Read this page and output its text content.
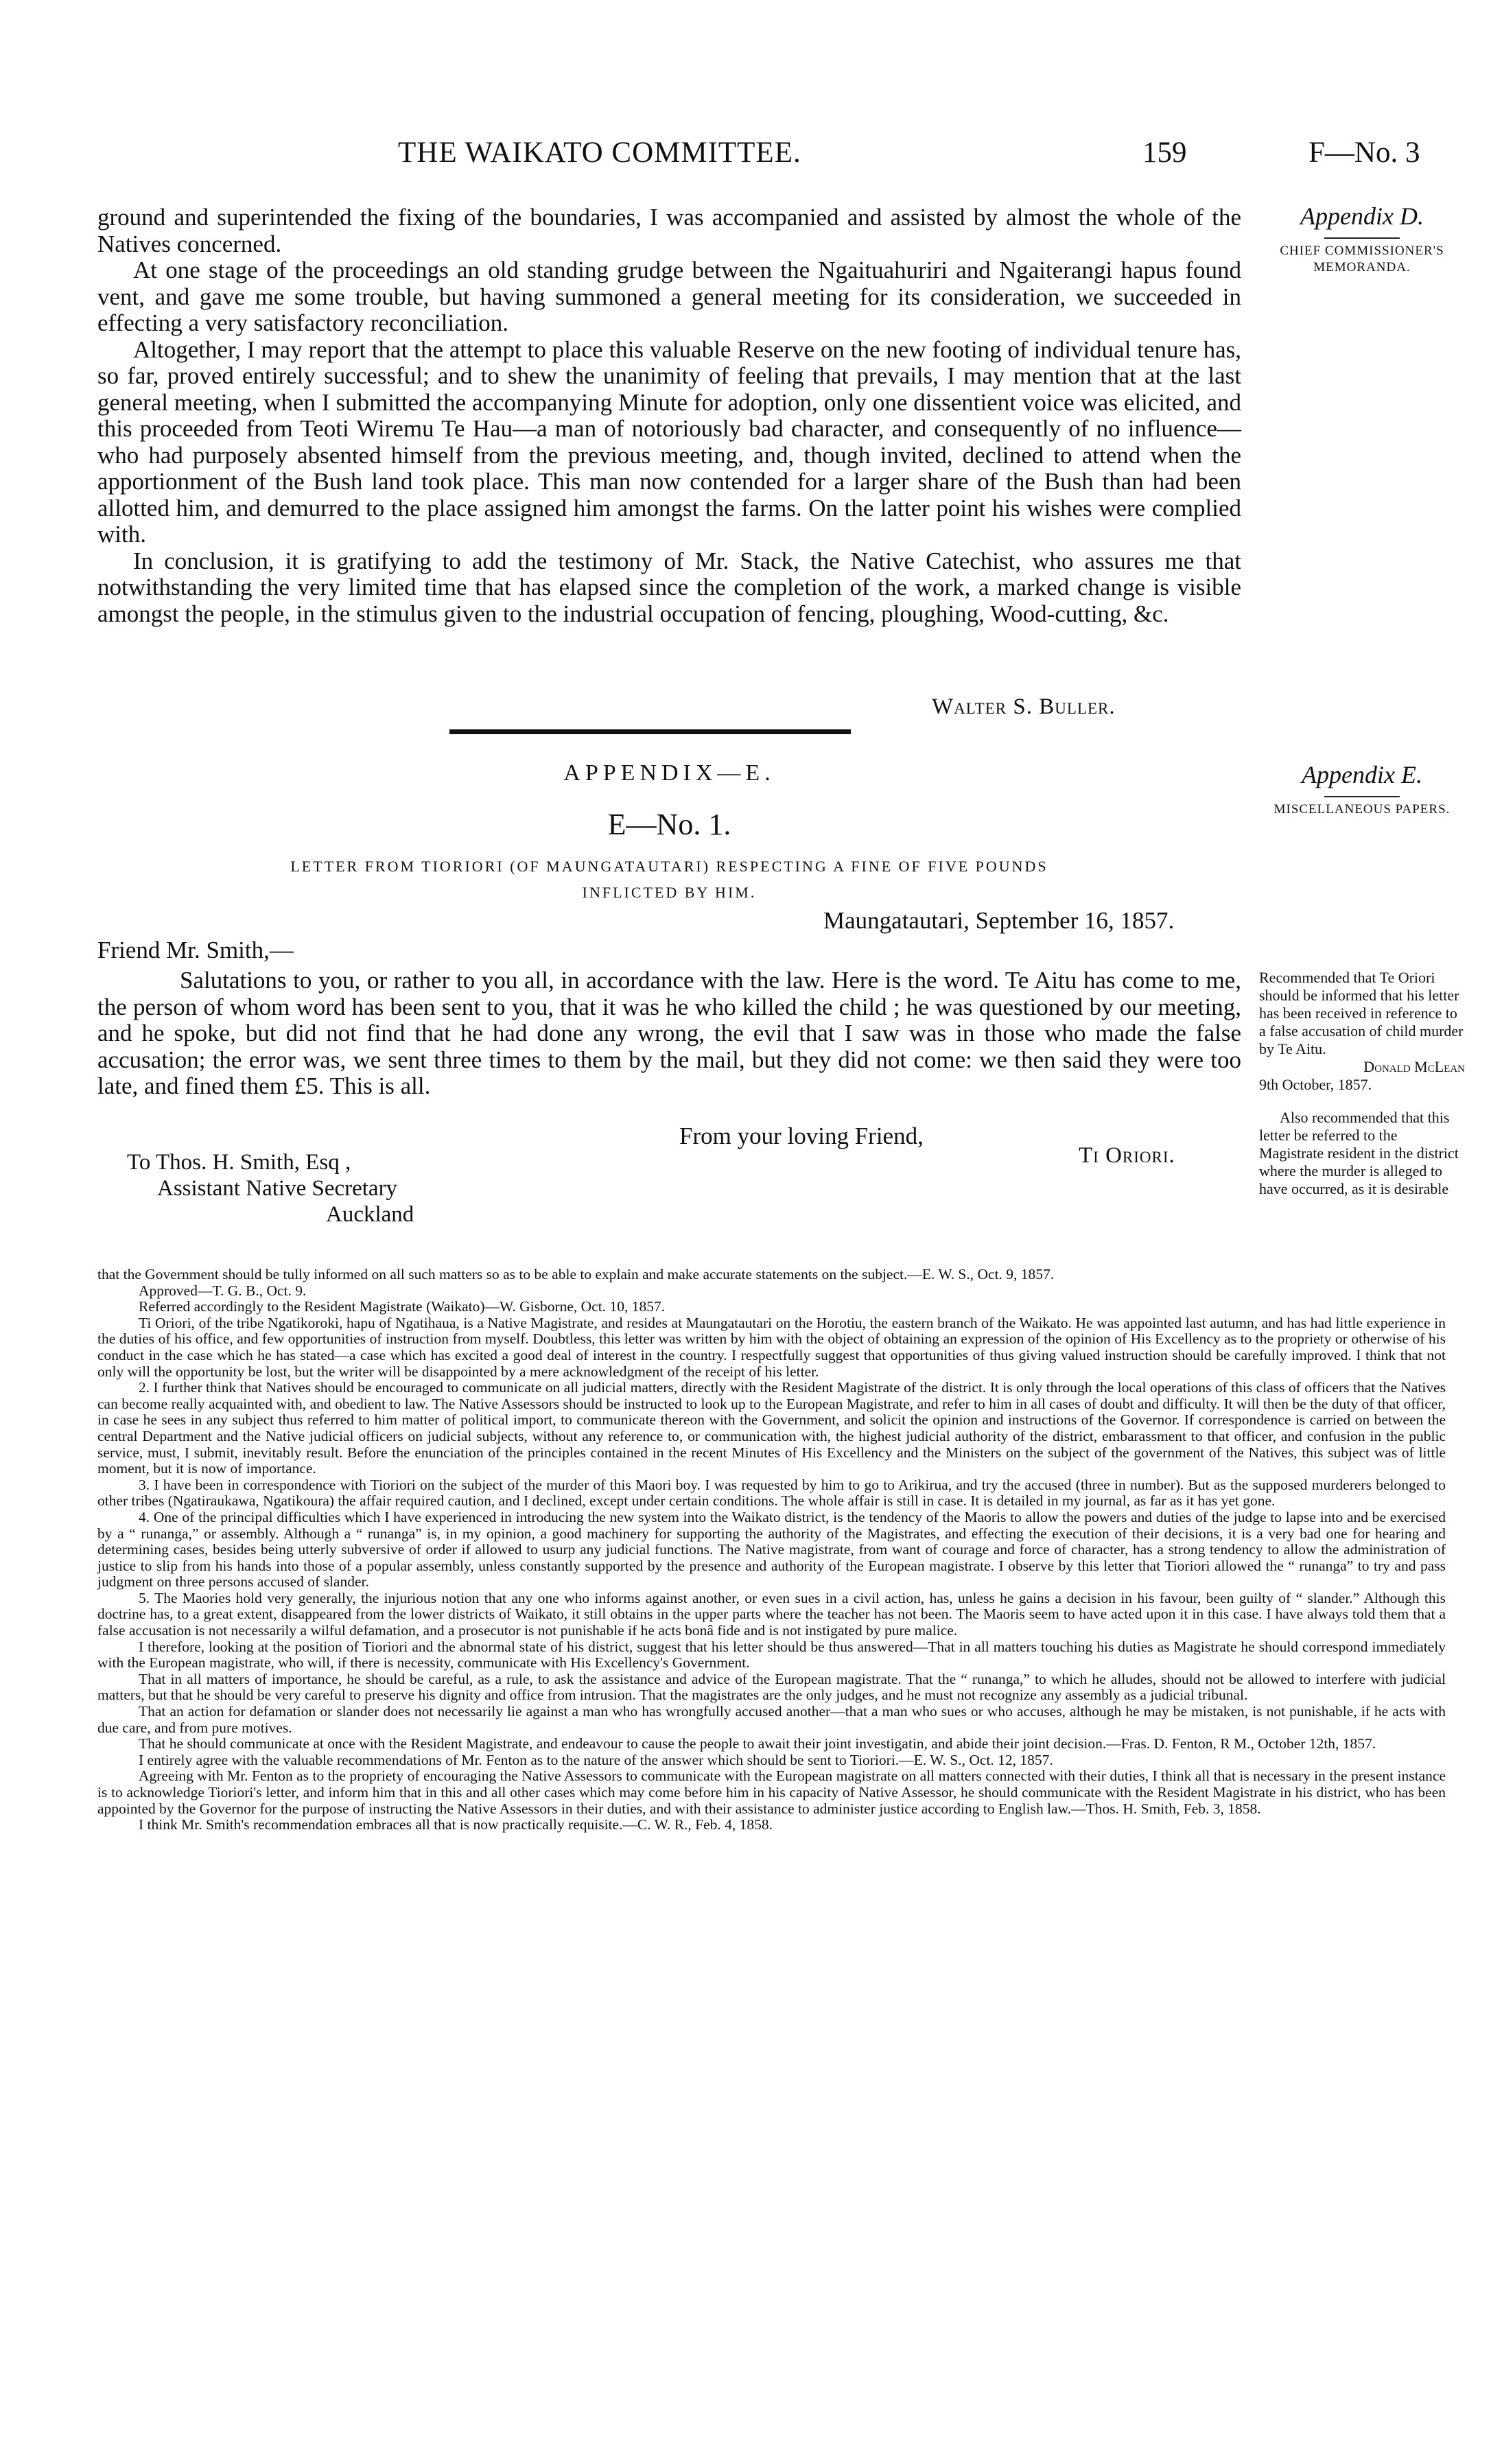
THE WAIKATO COMMITTEE.	159	F—No. 3

ground and superintended the fixing of the boundaries, I was accompanied and assisted by almost the whole of the Natives concerned.

At one stage of the proceedings an old standing grudge between the Ngaituahuriri and Ngaiterangi hapus found vent, and gave me some trouble, but having summoned a general meeting for its consideration, we succeeded in effecting a very satisfactory reconciliation.

Altogether, I may report that the attempt to place this valuable Reserve on the new footing of individual tenure has, so far, proved entirely successful; and to shew the unanimity of feeling that prevails, I may mention that at the last general meeting, when I submitted the accompanying Minute for adoption, only one dissentient voice was elicited, and this proceeded from Teoti Wiremu Te Hau—a man of notoriously bad character, and consequently of no influence—who had purposely absented himself from the previous meeting, and, though invited, declined to attend when the apportionment of the Bush land took place. This man now contended for a larger share of the Bush than had been allotted him, and demurred to the place assigned him amongst the farms. On the latter point his wishes were complied with.

In conclusion, it is gratifying to add the testimony of Mr. Stack, the Native Catechist, who assures me that notwithstanding the very limited time that has elapsed since the completion of the work, a marked change is visible amongst the people, in the stimulus given to the industrial occupation of fencing, ploughing, Wood-cutting, &c.

Appendix D.
CHIEF COMMISSIONER'S MEMORANDA.
Walter S. Buller.
APPENDIX—E.	Appendix E.
MISCELLANEOUS PAPERS.
E—No. 1.
LETTER FROM TIORIORI (OF MAUNGATAUTARI) RESPECTING A FINE OF FIVE POUNDS
INFLICTED BY HIM.
Maungatautari, September 16, 1857.
Friend Mr. Smith,—

Salutations to you, or rather to you all, in accordance with the law. Here is the word. Te Aitu has come to me, the person of whom word has been sent to you, that it was he who killed the child ; he was questioned by our meeting, and he spoke, but did not find that he had done any wrong, the evil that I saw was in those who made the false accusation; the error was, we sent three times to them by the mail, but they did not come: we then said they were too late, and fined them £5. This is all.

Recommended that Te Oriori should be informed that his letter has been received in reference to a false accusation of child murder by Te Aitu.
Donald McLean
9th October, 1857.
Also recommended that this letter be referred to the Magistrate resident in the district where the murder is alleged to have occurred, as it is desirable
From your loving Friend,
Ti Oriori.
To Thos. H. Smith, Esq ,
Assistant Native Secretary
Auckland

that the Government should be tully informed on all such matters so as to be able to explain and make accurate statements on the subject.—E. W. S., Oct. 9, 1857.

Approved—T. G. B., Oct. 9.

Referred accordingly to the Resident Magistrate (Waikato)—W. Gisborne, Oct. 10, 1857.

Ti Oriori, of the tribe Ngatikoroki, hapu of Ngatihaua, is a Native Magistrate, and resides at Maungatautari on the Horotiu, the eastern branch of the Waikato. He was appointed last autumn, and has had little experience in the duties of his office, and few opportunities of instruction from myself. Doubtless, this letter was written by him with the object of obtaining an expression of the opinion of His Excellency as to the propriety or otherwise of his conduct in the case which he has stated—a case which has excited a good deal of interest in the country. I respectfully suggest that opportunities of thus giving valued instruction should be carefully improved. I think that not only will the opportunity be lost, but the writer will be disappointed by a mere acknowledgment of the receipt of his letter.

2. I further think that Natives should be encouraged to communicate on all judicial matters, directly with the Resident Magistrate of the district. It is only through the local operations of this class of officers that the Natives can become really acquainted with, and obedient to law. The Native Assessors should be instructed to look up to the European Magistrate, and refer to him in all cases of doubt and difficulty. It will then be the duty of that officer, in case he sees in any subject thus referred to him matter of political import, to communicate thereon with the Government, and solicit the opinion and instructions of the Governor. If correspondence is carried on between the central Department and the Native judicial officers on judicial subjects, without any reference to, or communication with, the highest judicial authority of the district, embarassment to that officer, and confusion in the public service, must, I submit, inevitably result. Before the enunciation of the principles contained in the recent Minutes of His Excellency and the Ministers on the subject of the government of the Natives, this subject was of little moment, but it is now of importance.

3. I have been in correspondence with Tioriori on the subject of the murder of this Maori boy. I was requested by him to go to Arikirua, and try the accused (three in number). But as the supposed murderers belonged to other tribes (Ngatiraukawa, Ngatikoura) the affair required caution, and I declined, except under certain conditions. The whole affair is still in case. It is detailed in my journal, as far as it has yet gone.

4. One of the principal difficulties which I have experienced in introducing the new system into the Waikato district, is the tendency of the Maoris to allow the powers and duties of the judge to lapse into and be exercised by a “ runanga,” or assembly. Although a “ runanga” is, in my opinion, a good machinery for supporting the authority of the Magistrates, and effecting the execution of their decisions, it is a very bad one for hearing and determining cases, besides being utterly subversive of order if allowed to usurp any judicial functions. The Native magistrate, from want of courage and force of character, has a strong tendency to allow the administration of justice to slip from his hands into those of a popular assembly, unless constantly supported by the presence and authority of the European magistrate. I observe by this letter that Tioriori allowed the “ runanga” to try and pass judgment on three persons accused of slander.

5. The Maories hold very generally, the injurious notion that any one who informs against another, or even sues in a civil action, has, unless he gains a decision in his favour, been guilty of “ slander.” Although this doctrine has, to a great extent, disappeared from the lower districts of Waikato, it still obtains in the upper parts where the teacher has not been. The Maoris seem to have acted upon it in this case. I have always told them that a false accusation is not necessarily a wilful defamation, and a prosecutor is not punishable if he acts bonâ fide and is not instigated by pure malice.

I therefore, looking at the position of Tioriori and the abnormal state of his district, suggest that his letter should be thus answered—That in all matters touching his duties as Magistrate he should correspond immediately with the European magistrate, who will, if there is necessity, communicate with His Excellency's Government.

That in all matters of importance, he should be careful, as a rule, to ask the assistance and advice of the European magistrate. That the “ runanga,” to which he alludes, should not be allowed to interfere with judicial matters, but that he should be very careful to preserve his dignity and office from intrusion. That the magistrates are the only judges, and he must not recognize any assembly as a judicial tribunal.

That an action for defamation or slander does not necessarily lie against a man who has wrongfully accused another—that a man who sues or who accuses, although he may be mistaken, is not punishable, if he acts with due care, and from pure motives.

That he should communicate at once with the Resident Magistrate, and endeavour to cause the people to await their joint investigatin, and abide their joint decision.—Fras. D. Fenton, R M., October 12th, 1857.

I entirely agree with the valuable recommendations of Mr. Fenton as to the nature of the answer which should be sent to Tioriori.—E. W. S., Oct. 12, 1857.

Agreeing with Mr. Fenton as to the propriety of encouraging the Native Assessors to communicate with the European magistrate on all matters connected with their duties, I think all that is necessary in the present instance is to acknowledge Tioriori's letter, and inform him that in this and all other cases which may come before him in his capacity of Native Assessor, he should communicate with the Resident Magistrate in his district, who has been appointed by the Governor for the purpose of instructing the Native Assessors in their duties, and with their assistance to administer justice according to English law.—Thos. H. Smith, Feb. 3, 1858.

I think Mr. Smith's recommendation embraces all that is now practically requisite.—C. W. R., Feb. 4, 1858.
